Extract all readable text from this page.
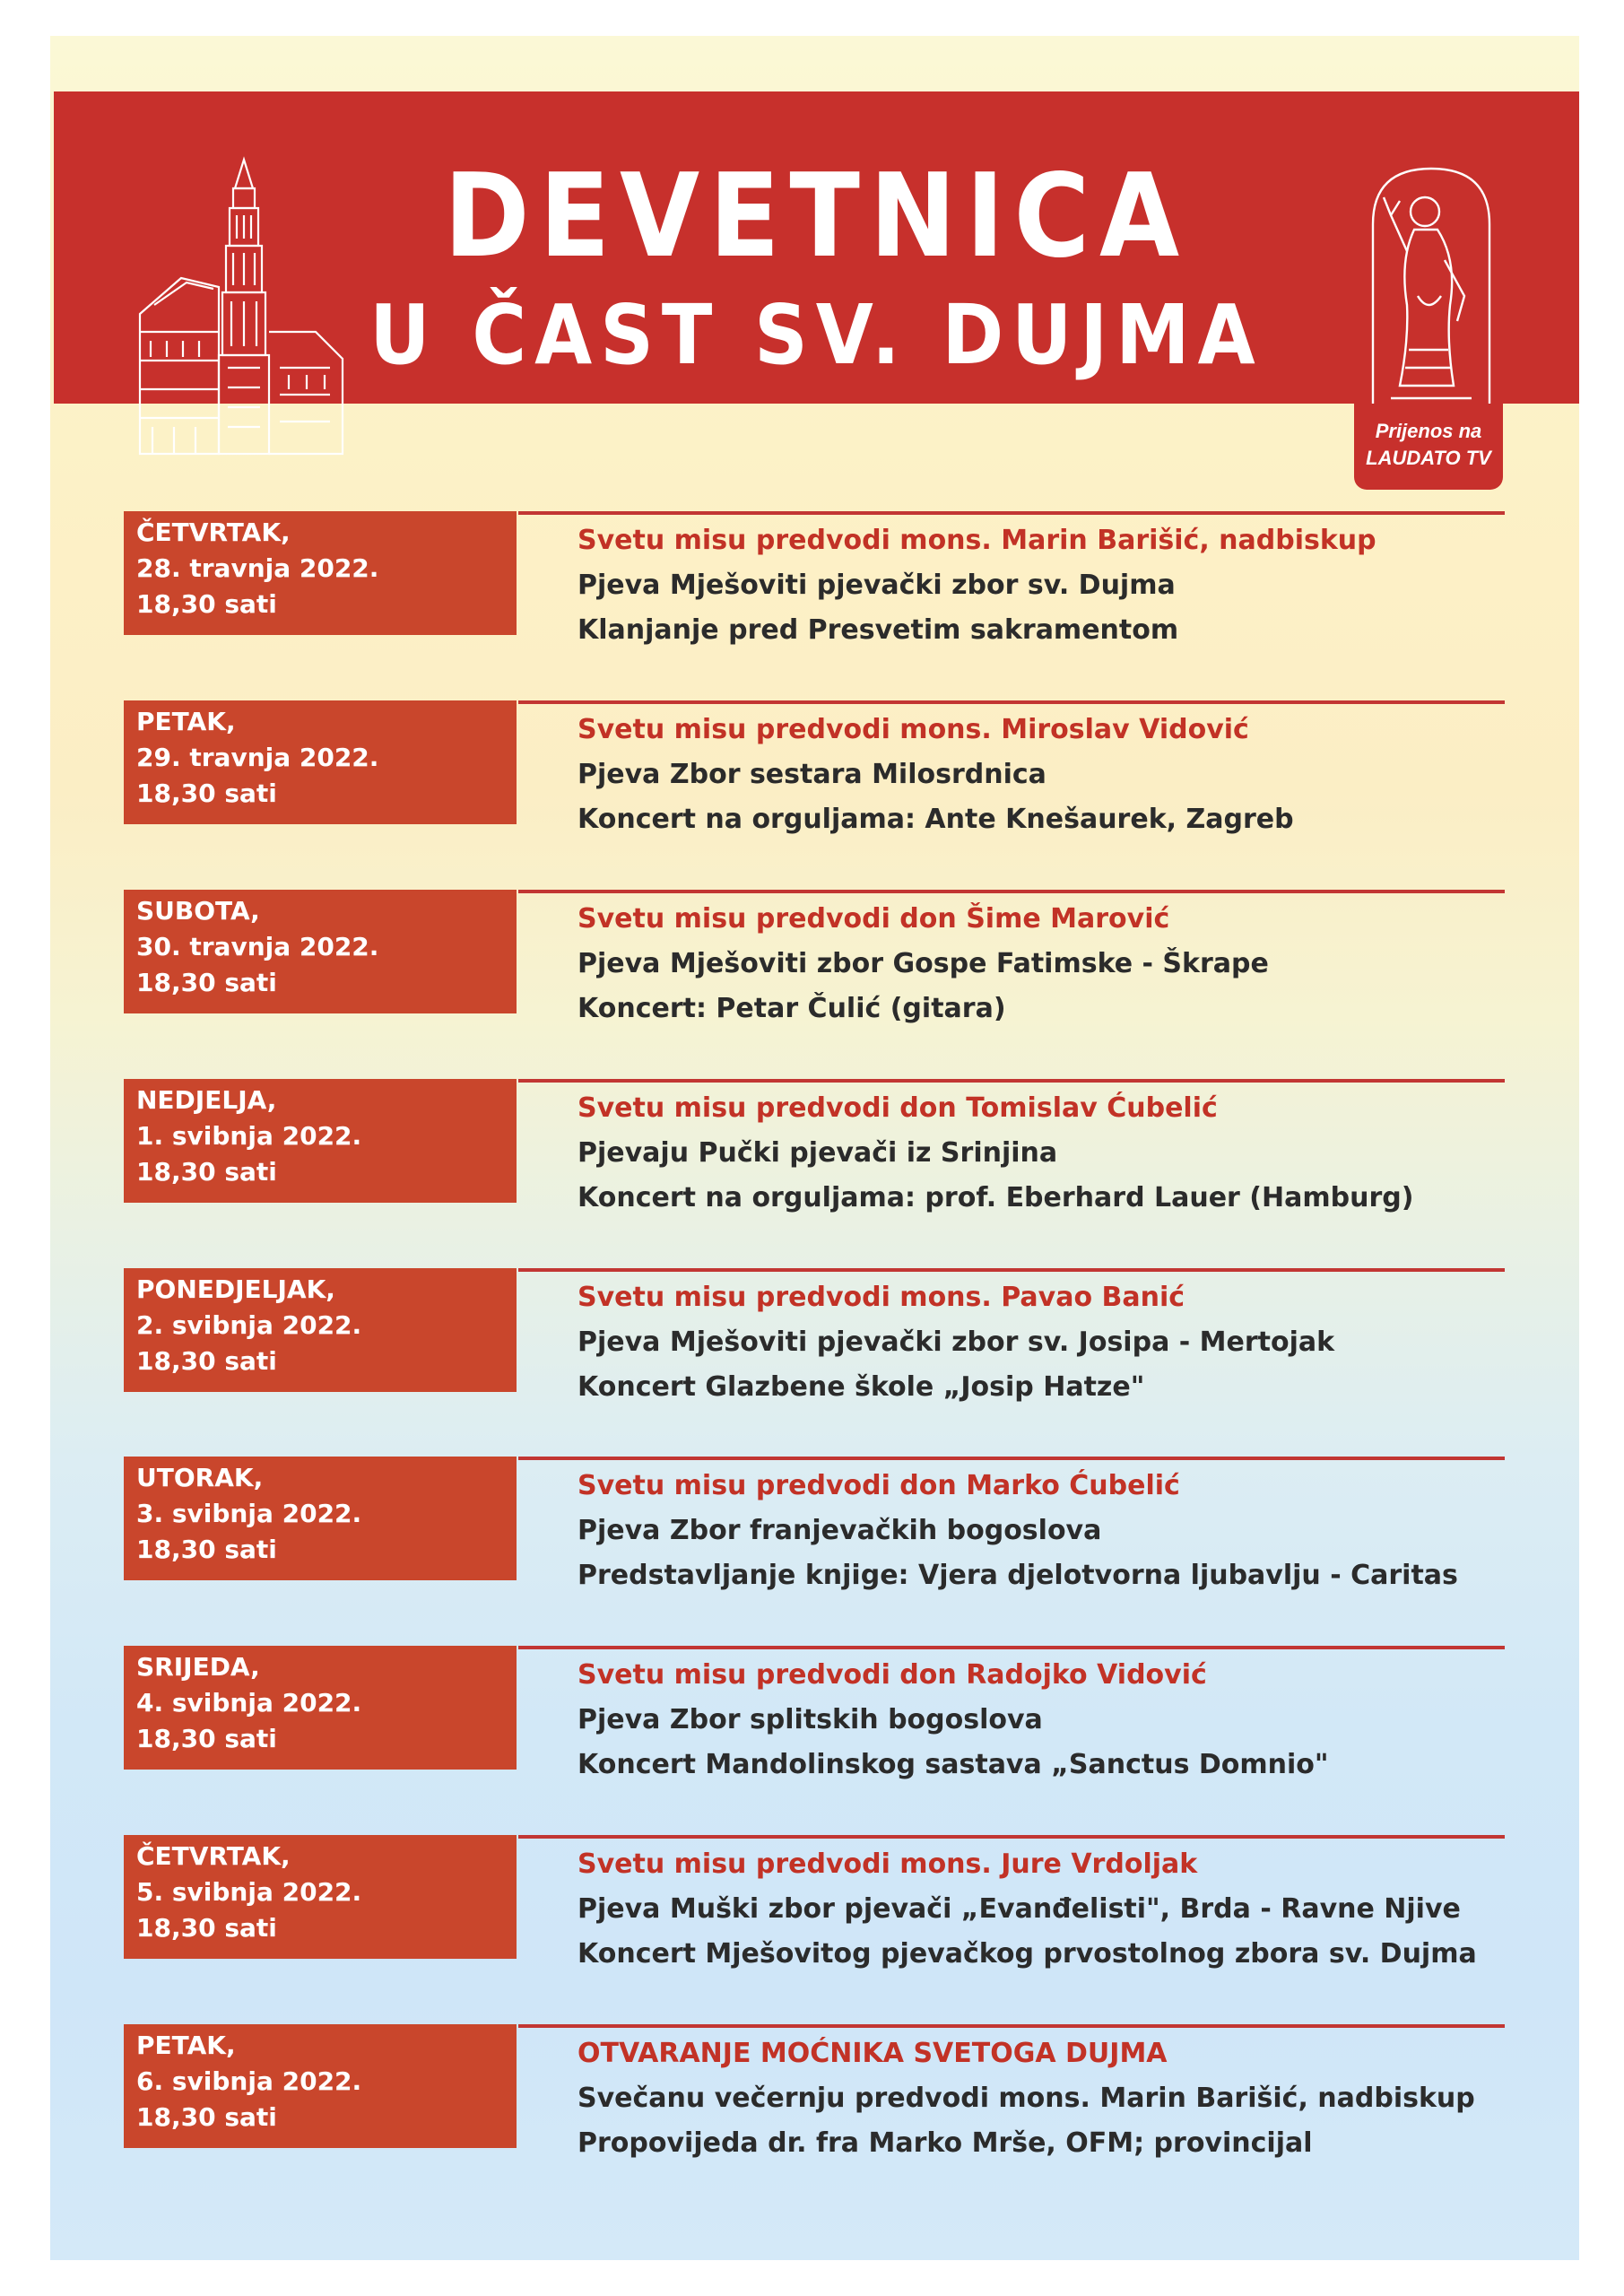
DEVETNICA
U ČAST SV. DUJMA
Prijenos na
LAUDATO TV
ČETVRTAK,
28. travnja 2022.
18,30 sati
Svetu misu predvodi mons. Marin Barišić, nadbiskup
Pjeva Mješoviti pjevački zbor sv. Dujma
Klanjanje pred Presvetim sakramentom
PETAK,
29. travnja 2022.
18,30 sati
Svetu misu predvodi mons. Miroslav Vidović
Pjeva Zbor sestara Milosrdnica
Koncert na orguljama: Ante Knešaurek, Zagreb
SUBOTA,
30. travnja 2022.
18,30 sati
Svetu misu predvodi don Šime Marović
Pjeva Mješoviti zbor Gospe Fatimske - Škrape
Koncert: Petar Čulić (gitara)
NEDJELJA,
1. svibnja 2022.
18,30 sati
Svetu misu predvodi don Tomislav Ćubelić
Pjevaju Pučki pjevači iz Srinjina
Koncert na orguljama: prof. Eberhard Lauer (Hamburg)
PONEDJELJAK,
2. svibnja 2022.
18,30 sati
Svetu misu predvodi mons. Pavao Banić
Pjeva Mješoviti pjevački zbor sv. Josipa - Mertojak
Koncert Glazbene škole „Josip Hatze"
UTORAK,
3. svibnja 2022.
18,30 sati
Svetu misu predvodi don Marko Ćubelić
Pjeva Zbor franjevačkih bogoslova
Predstavljanje knjige: Vjera djelotvorna ljubavlju - Caritas
SRIJEDA,
4. svibnja 2022.
18,30 sati
Svetu misu predvodi don Radojko Vidović
Pjeva Zbor splitskih bogoslova
Koncert Mandolinskog sastava „Sanctus Domnio"
ČETVRTAK,
5. svibnja 2022.
18,30 sati
Svetu misu predvodi mons. Jure Vrdoljak
Pjeva Muški zbor pjevači „Evanđelisti", Brda - Ravne Njive
Koncert Mješovitog pjevačkog prvostolnog zbora sv. Dujma
PETAK,
6. svibnja 2022.
18,30 sati
OTVARANJE MOĆNIKA SVETOGA DUJMA
Svečanu večernju predvodi mons. Marin Barišić, nadbiskup
Propovijeda dr. fra Marko Mrše, OFM; provincijal
